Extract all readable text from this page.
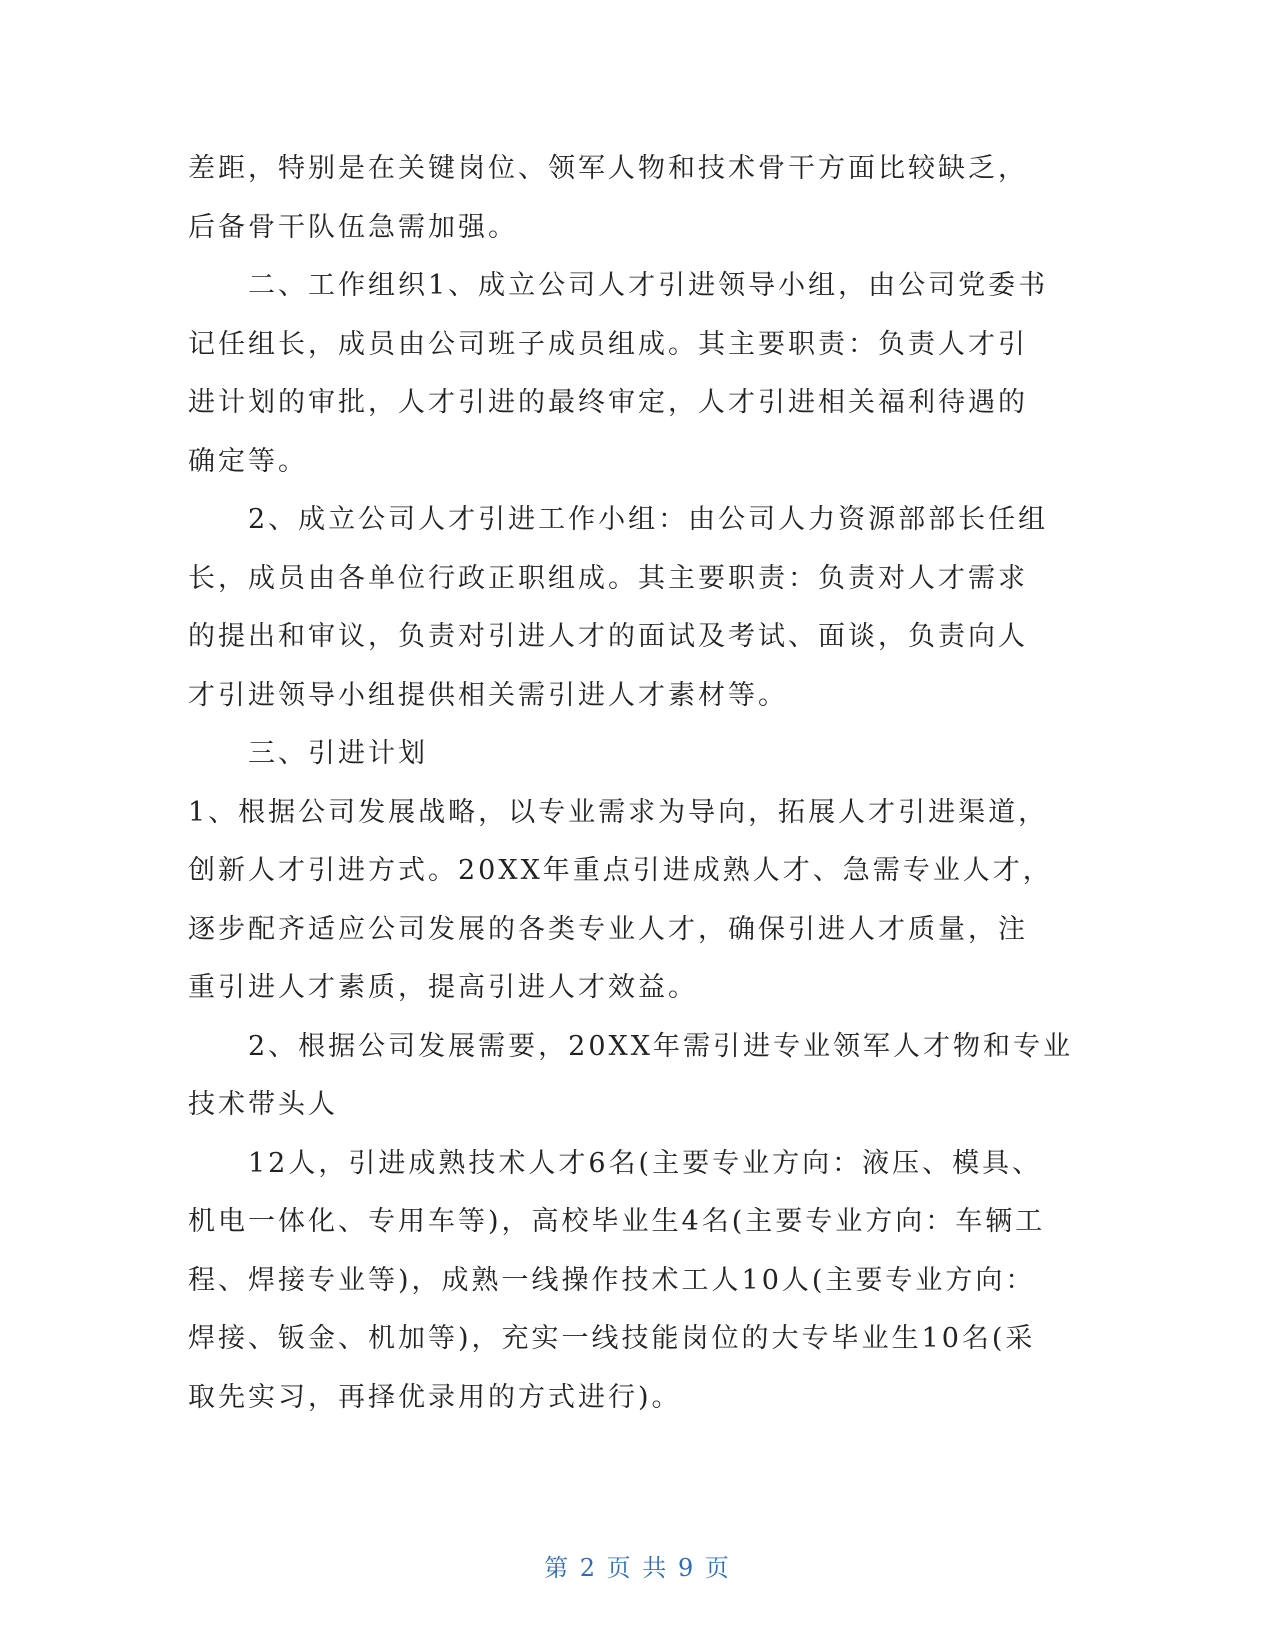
差距，特别是在关键岗位、领军人物和技术骨干方面比较缺乏，
后备骨干队伍急需加强。
　　二、工作组织1、成立公司人才引进领导小组，由公司党委书
记任组长，成员由公司班子成员组成。其主要职责：负责人才引
进计划的审批，人才引进的最终审定，人才引进相关福利待遇的
确定等。
　　2、成立公司人才引进工作小组：由公司人力资源部部长任组
长，成员由各单位行政正职组成。其主要职责：负责对人才需求
的提出和审议，负责对引进人才的面试及考试、面谈，负责向人
才引进领导小组提供相关需引进人才素材等。
　　三、引进计划
1、根据公司发展战略，以专业需求为导向，拓展人才引进渠道，
创新人才引进方式。20XX年重点引进成熟人才、急需专业人才，
逐步配齐适应公司发展的各类专业人才，确保引进人才质量，注
重引进人才素质，提高引进人才效益。
　　2、根据公司发展需要，20XX年需引进专业领军人才物和专业
技术带头人
　　12人，引进成熟技术人才6名(主要专业方向：液压、模具、
机电一体化、专用车等)，高校毕业生4名(主要专业方向：车辆工
程、焊接专业等)，成熟一线操作技术工人10人(主要专业方向：
焊接、钣金、机加等)，充实一线技能岗位的大专毕业生10名(采
取先实习，再择优录用的方式进行)。

第 2 页 共 9 页
